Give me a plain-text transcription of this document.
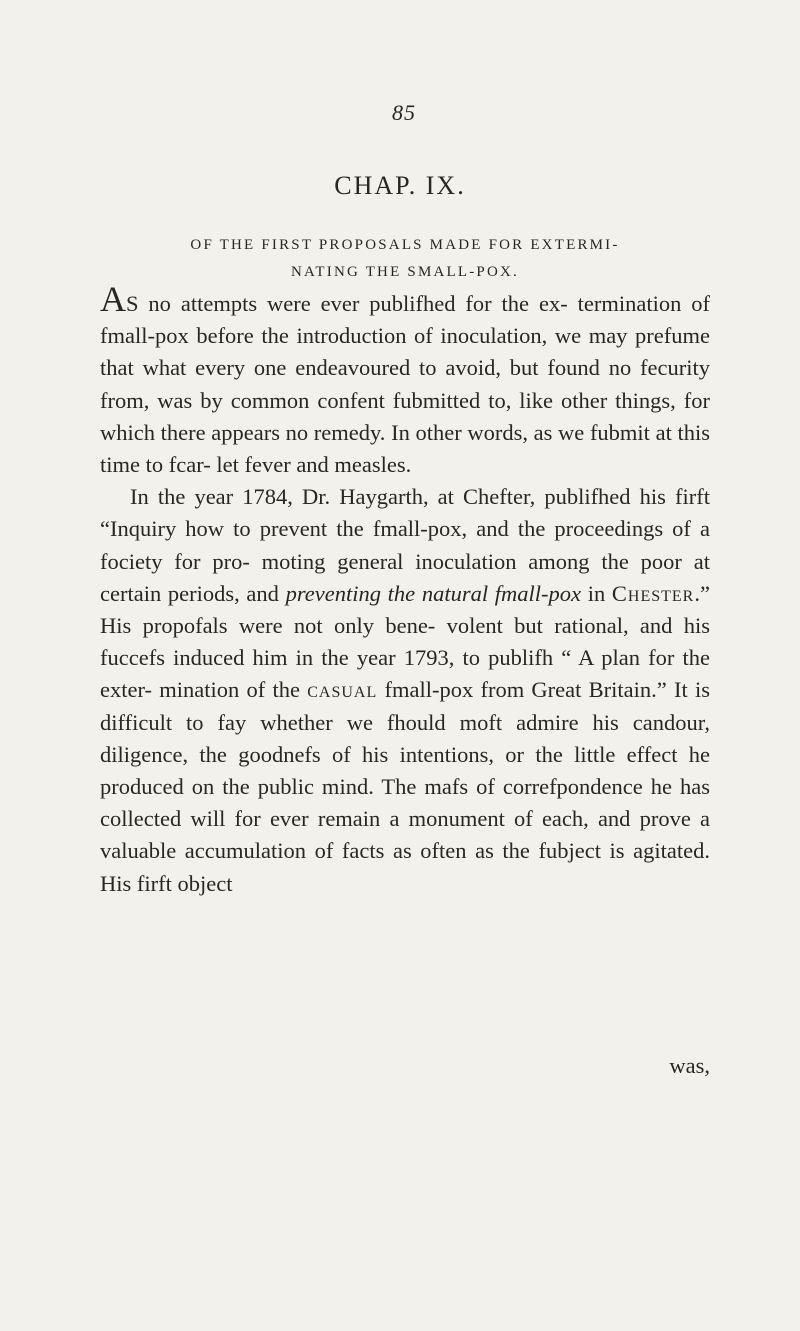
85
CHAP. IX.
OF THE FIRST PROPOSALS MADE FOR EXTERMI-
NATING THE SMALL-POX.

AS no attempts were ever publifhed for the ex- termination of fmall-pox before the introduction of inoculation, we may prefume that what every one endeavoured to avoid, but found no fecurity from, was by common confent fubmitted to, like other things, for which there appears no remedy. In other words, as we fubmit at this time to fcar- let fever and measles.

In the year 1784, Dr. Haygarth, at Chefter, publifhed his firft “Inquiry how to prevent the fmall-pox, and the proceedings of a fociety for pro- moting general inoculation among the poor at certain periods, and preventing the natural fmall-pox in Chester.” His propofals were not only bene- volent but rational, and his fuccefs induced him in the year 1793, to publifh “ A plan for the exter- mination of the casual fmall-pox from Great Britain.” It is difficult to fay whether we fhould moft admire his candour, diligence, the goodnefs of his intentions, or the little effect he produced on the public mind. The mafs of correfpondence he has collected will for ever remain a monument of each, and prove a valuable accumulation of facts as often as the fubject is agitated. His firft object

was,
